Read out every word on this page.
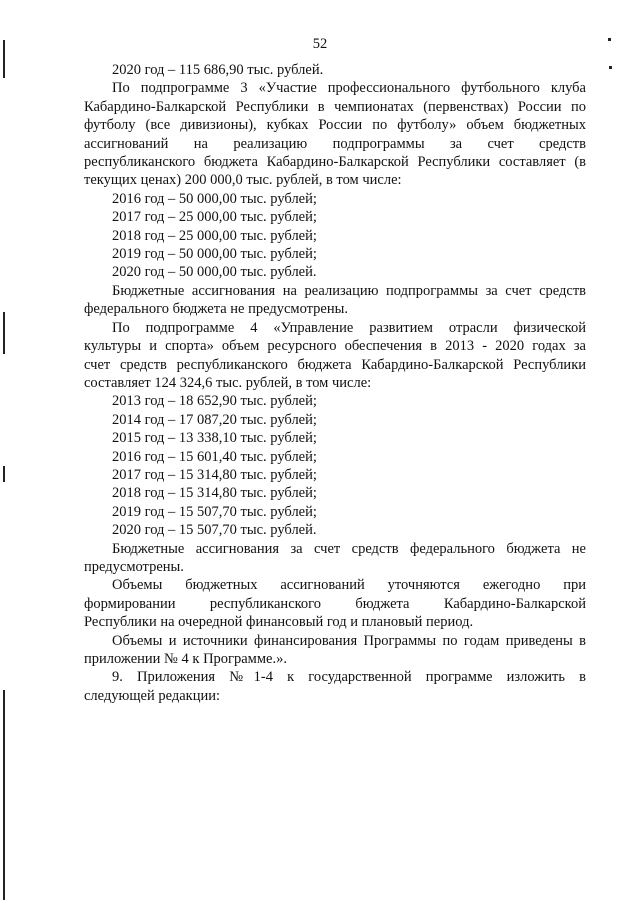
52
2020 год – 115 686,90 тыс. рублей.
По подпрограмме 3 «Участие профессионального футбольного клуба
Кабардино-Балкарской Республики в чемпионатах (первенствах) России по
футболу (все дивизионы), кубках России по футболу» объем бюджетных
ассигнований на реализацию подпрограммы за счет средств
республиканского бюджета Кабардино-Балкарской Республики составляет (в
текущих ценах) 200 000,0 тыс. рублей, в том числе:
2016 год – 50 000,00 тыс. рублей;
2017 год – 25 000,00 тыс. рублей;
2018 год – 25 000,00 тыс. рублей;
2019 год – 50 000,00 тыс. рублей;
2020 год – 50 000,00 тыс. рублей.
Бюджетные ассигнования на реализацию подпрограммы за счет средств
федерального бюджета не предусмотрены.
По подпрограмме 4 «Управление развитием отрасли физической
культуры и спорта» объем ресурсного обеспечения в 2013 - 2020 годах за
счет средств республиканского бюджета Кабардино-Балкарской Республики
составляет 124 324,6 тыс. рублей, в том числе:
2013 год – 18 652,90 тыс. рублей;
2014 год – 17 087,20 тыс. рублей;
2015 год – 13 338,10 тыс. рублей;
2016 год – 15 601,40 тыс. рублей;
2017 год – 15 314,80 тыс. рублей;
2018 год – 15 314,80 тыс. рублей;
2019 год – 15 507,70 тыс. рублей;
2020 год – 15 507,70 тыс. рублей.
Бюджетные ассигнования за счет средств федерального бюджета не
предусмотрены.
Объемы бюджетных ассигнований уточняются ежегодно при
формировании республиканского бюджета Кабардино-Балкарской
Республики на очередной финансовый год и плановый период.
Объемы и источники финансирования Программы по годам приведены в
приложении № 4 к Программе.».
9. Приложения №1-4 к государственной программе изложить в
следующей редакции:
